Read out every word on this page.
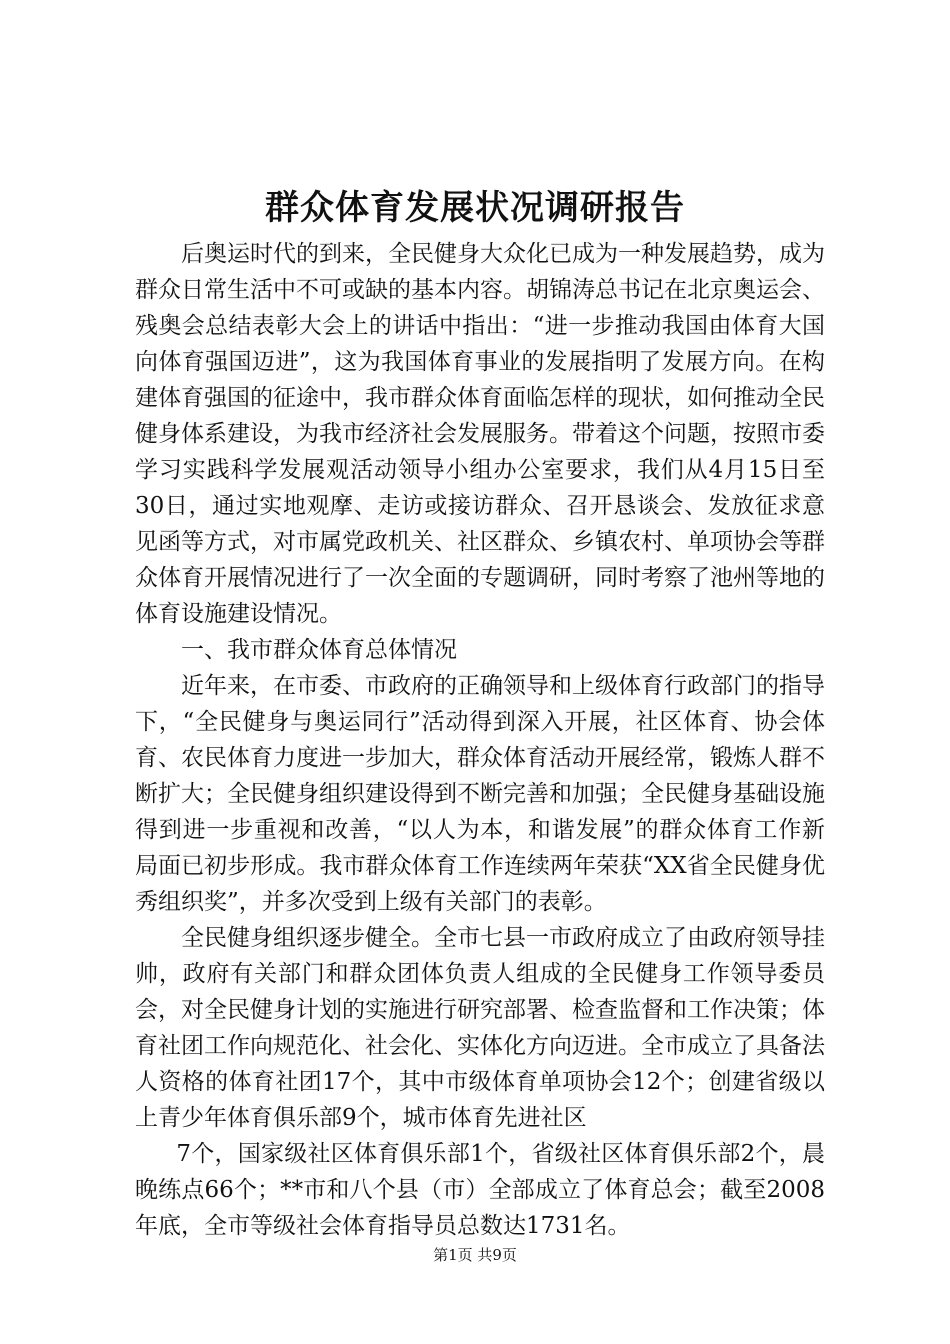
群众体育发展状况调研报告

后奥运时代的到来，全民健身大众化已成为一种发展趋势，成为群众日常生活中不可或缺的基本内容。胡锦涛总书记在北京奥运会、残奥会总结表彰大会上的讲话中指出：“进一步推动我国由体育大国向体育强国迈进”，这为我国体育事业的发展指明了发展方向。在构建体育强国的征途中，我市群众体育面临怎样的现状，如何推动全民健身体系建设，为我市经济社会发展服务。带着这个问题，按照市委学习实践科学发展观活动领导小组办公室要求，我们从4月15日至30日，通过实地观摩、走访或接访群众、召开恳谈会、发放征求意见函等方式，对市属党政机关、社区群众、乡镇农村、单项协会等群众体育开展情况进行了一次全面的专题调研，同时考察了池州等地的体育设施建设情况。

一、我市群众体育总体情况

近年来，在市委、市政府的正确领导和上级体育行政部门的指导下，“全民健身与奥运同行”活动得到深入开展，社区体育、协会体育、农民体育力度进一步加大，群众体育活动开展经常，锻炼人群不断扩大；全民健身组织建设得到不断完善和加强；全民健身基础设施得到进一步重视和改善，“以人为本，和谐发展”的群众体育工作新局面已初步形成。我市群众体育工作连续两年荣获“XX省全民健身优秀组织奖”，并多次受到上级有关部门的表彰。

全民健身组织逐步健全。全市七县一市政府成立了由政府领导挂帅，政府有关部门和群众团体负责人组成的全民健身工作领导委员会，对全民健身计划的实施进行研究部署、检查监督和工作决策；体育社团工作向规范化、社会化、实体化方向迈进。全市成立了具备法人资格的体育社团17个，其中市级体育单项协会12个；创建省级以上青少年体育俱乐部9个，城市体育先进社区

7个，国家级社区体育俱乐部1个，省级社区体育俱乐部2个，晨晚练点66个；**市和八个县（市）全部成立了体育总会；截至2008年底，全市等级社会体育指导员总数达1731名。

第1页 共9页
